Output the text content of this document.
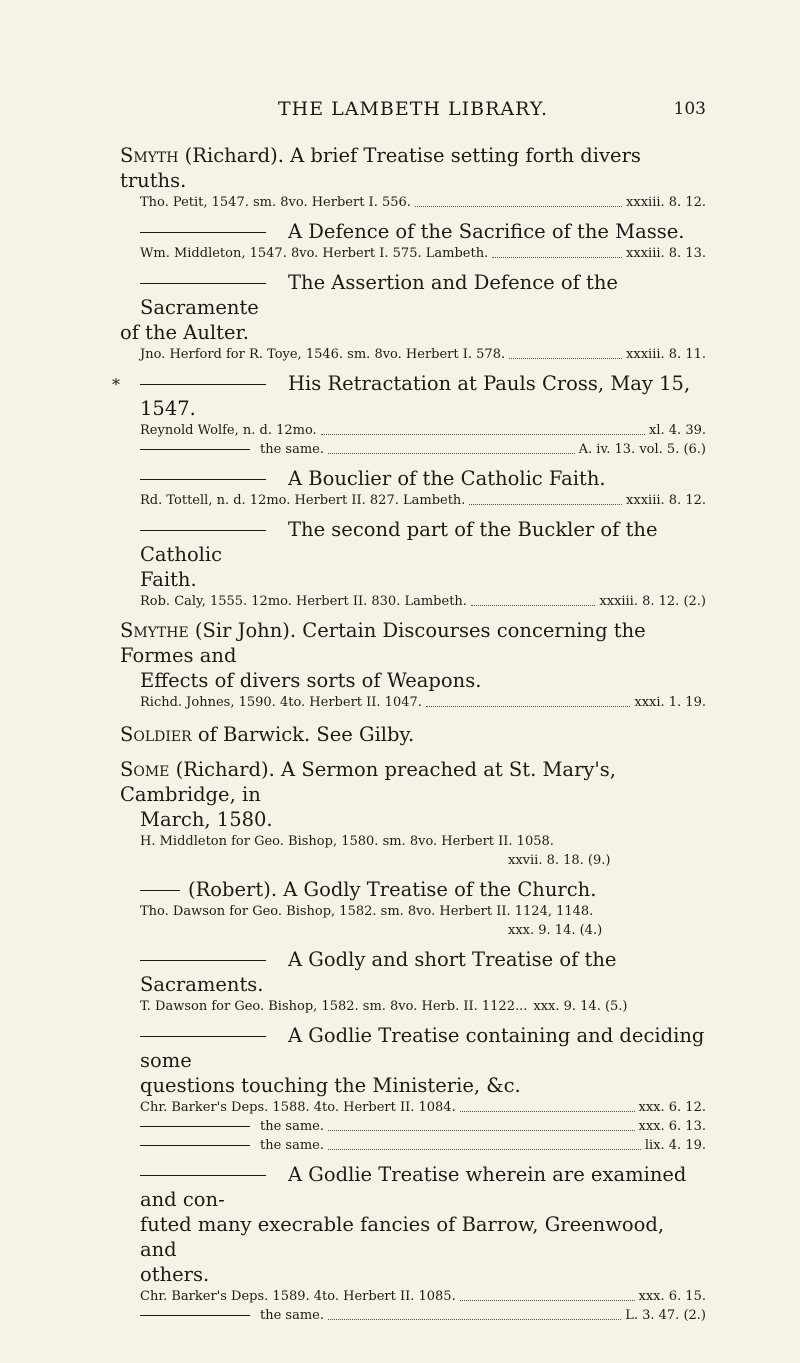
THE LAMBETH LIBRARY.	103
Smyth (Richard). A brief Treatise setting forth divers truths.
Tho. Petit, 1547. sm. 8vo. Herbert I. 556.	xxxiii. 8. 12.
A Defence of the Sacrifice of the Masse.
Wm. Middleton, 1547. 8vo. Herbert I. 575. Lambeth.	xxxiii. 8. 13.
The Assertion and Defence of the Sacramente
of the Aulter.
Jno. Herford for R. Toye, 1546. sm. 8vo. Herbert I. 578.	xxxiii. 8. 11.
*	His Retractation at Pauls Cross, May 15,
1547.
Reynold Wolfe, n. d. 12mo.	xl. 4. 39.
the same.	A. iv. 13. vol. 5. (6.)
A Bouclier of the Catholic Faith.
Rd. Tottell, n. d. 12mo. Herbert II. 827. Lambeth.	xxxiii. 8. 12.
The second part of the Buckler of the Catholic
Faith.
Rob. Caly, 1555. 12mo. Herbert II. 830. Lambeth.	xxxiii. 8. 12. (2.)
Smythe (Sir John). Certain Discourses concerning the Formes and
Effects of divers sorts of Weapons.
Richd. Johnes, 1590. 4to. Herbert II. 1047.	xxxi. 1. 19.
Soldier of Barwick. See Gilby.
Some (Richard). A Sermon preached at St. Mary's, Cambridge, in
March, 1580.
H. Middleton for Geo. Bishop, 1580. sm. 8vo. Herbert II. 1058.
xxvii. 8. 18. (9.)
(Robert). A Godly Treatise of the Church.
Tho. Dawson for Geo. Bishop, 1582. sm. 8vo. Herbert II. 1124, 1148.
xxx. 9. 14. (4.)
A Godly and short Treatise of the Sacraments.
T. Dawson for Geo. Bishop, 1582. sm. 8vo. Herb. II. 1122... xxx. 9. 14. (5.)
A Godlie Treatise containing and deciding some
questions touching the Ministerie, &c.
Chr. Barker's Deps. 1588. 4to. Herbert II. 1084.	xxx. 6. 12.
the same.	xxx. 6. 13.
the same.	lix. 4. 19.
A Godlie Treatise wherein are examined and con-
futed many execrable fancies of Barrow, Greenwood, and
others.
Chr. Barker's Deps. 1589. 4to. Herbert II. 1085.	xxx. 6. 15.
the same.	L. 3. 47. (2.)
